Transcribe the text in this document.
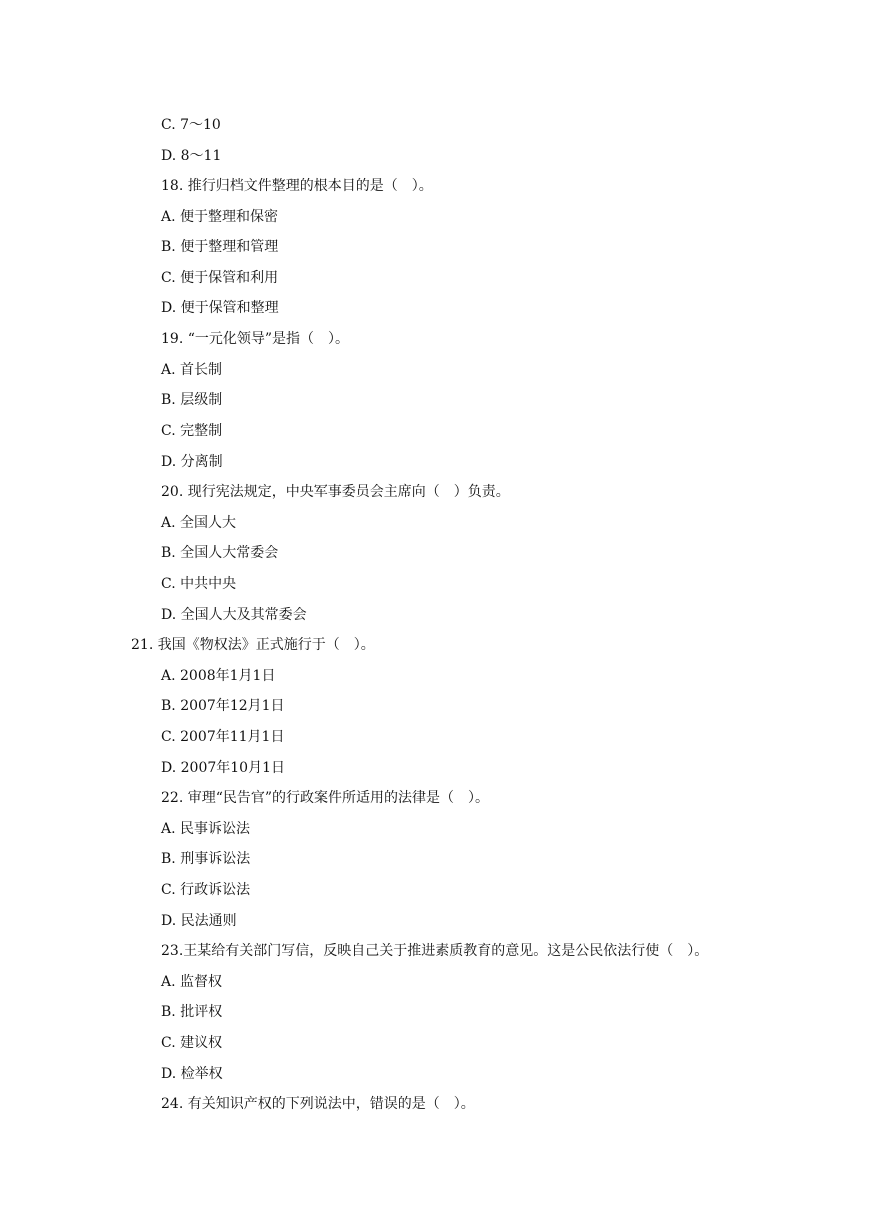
C. 7～10
D. 8～11
18. 推行归档文件整理的根本目的是（　）。
A. 便于整理和保密
B. 便于整理和管理
C. 便于保管和利用
D. 便于保管和整理
19. “一元化领导”是指（　）。
A. 首长制
B. 层级制
C. 完整制
D. 分离制
20. 现行宪法规定，中央军事委员会主席向（　）负责。
A. 全国人大
B. 全国人大常委会
C. 中共中央
D. 全国人大及其常委会
21. 我国《物权法》正式施行于（　）。
A. 2008年1月1日
B. 2007年12月1日
C. 2007年11月1日
D. 2007年10月1日
22. 审理“民告官”的行政案件所适用的法律是（　）。
A. 民事诉讼法
B. 刑事诉讼法
C. 行政诉讼法
D. 民法通则
23.王某给有关部门写信，反映自己关于推进素质教育的意见。这是公民依法行使（　）。
A. 监督权
B. 批评权
C. 建议权
D. 检举权
24. 有关知识产权的下列说法中，错误的是（　）。
